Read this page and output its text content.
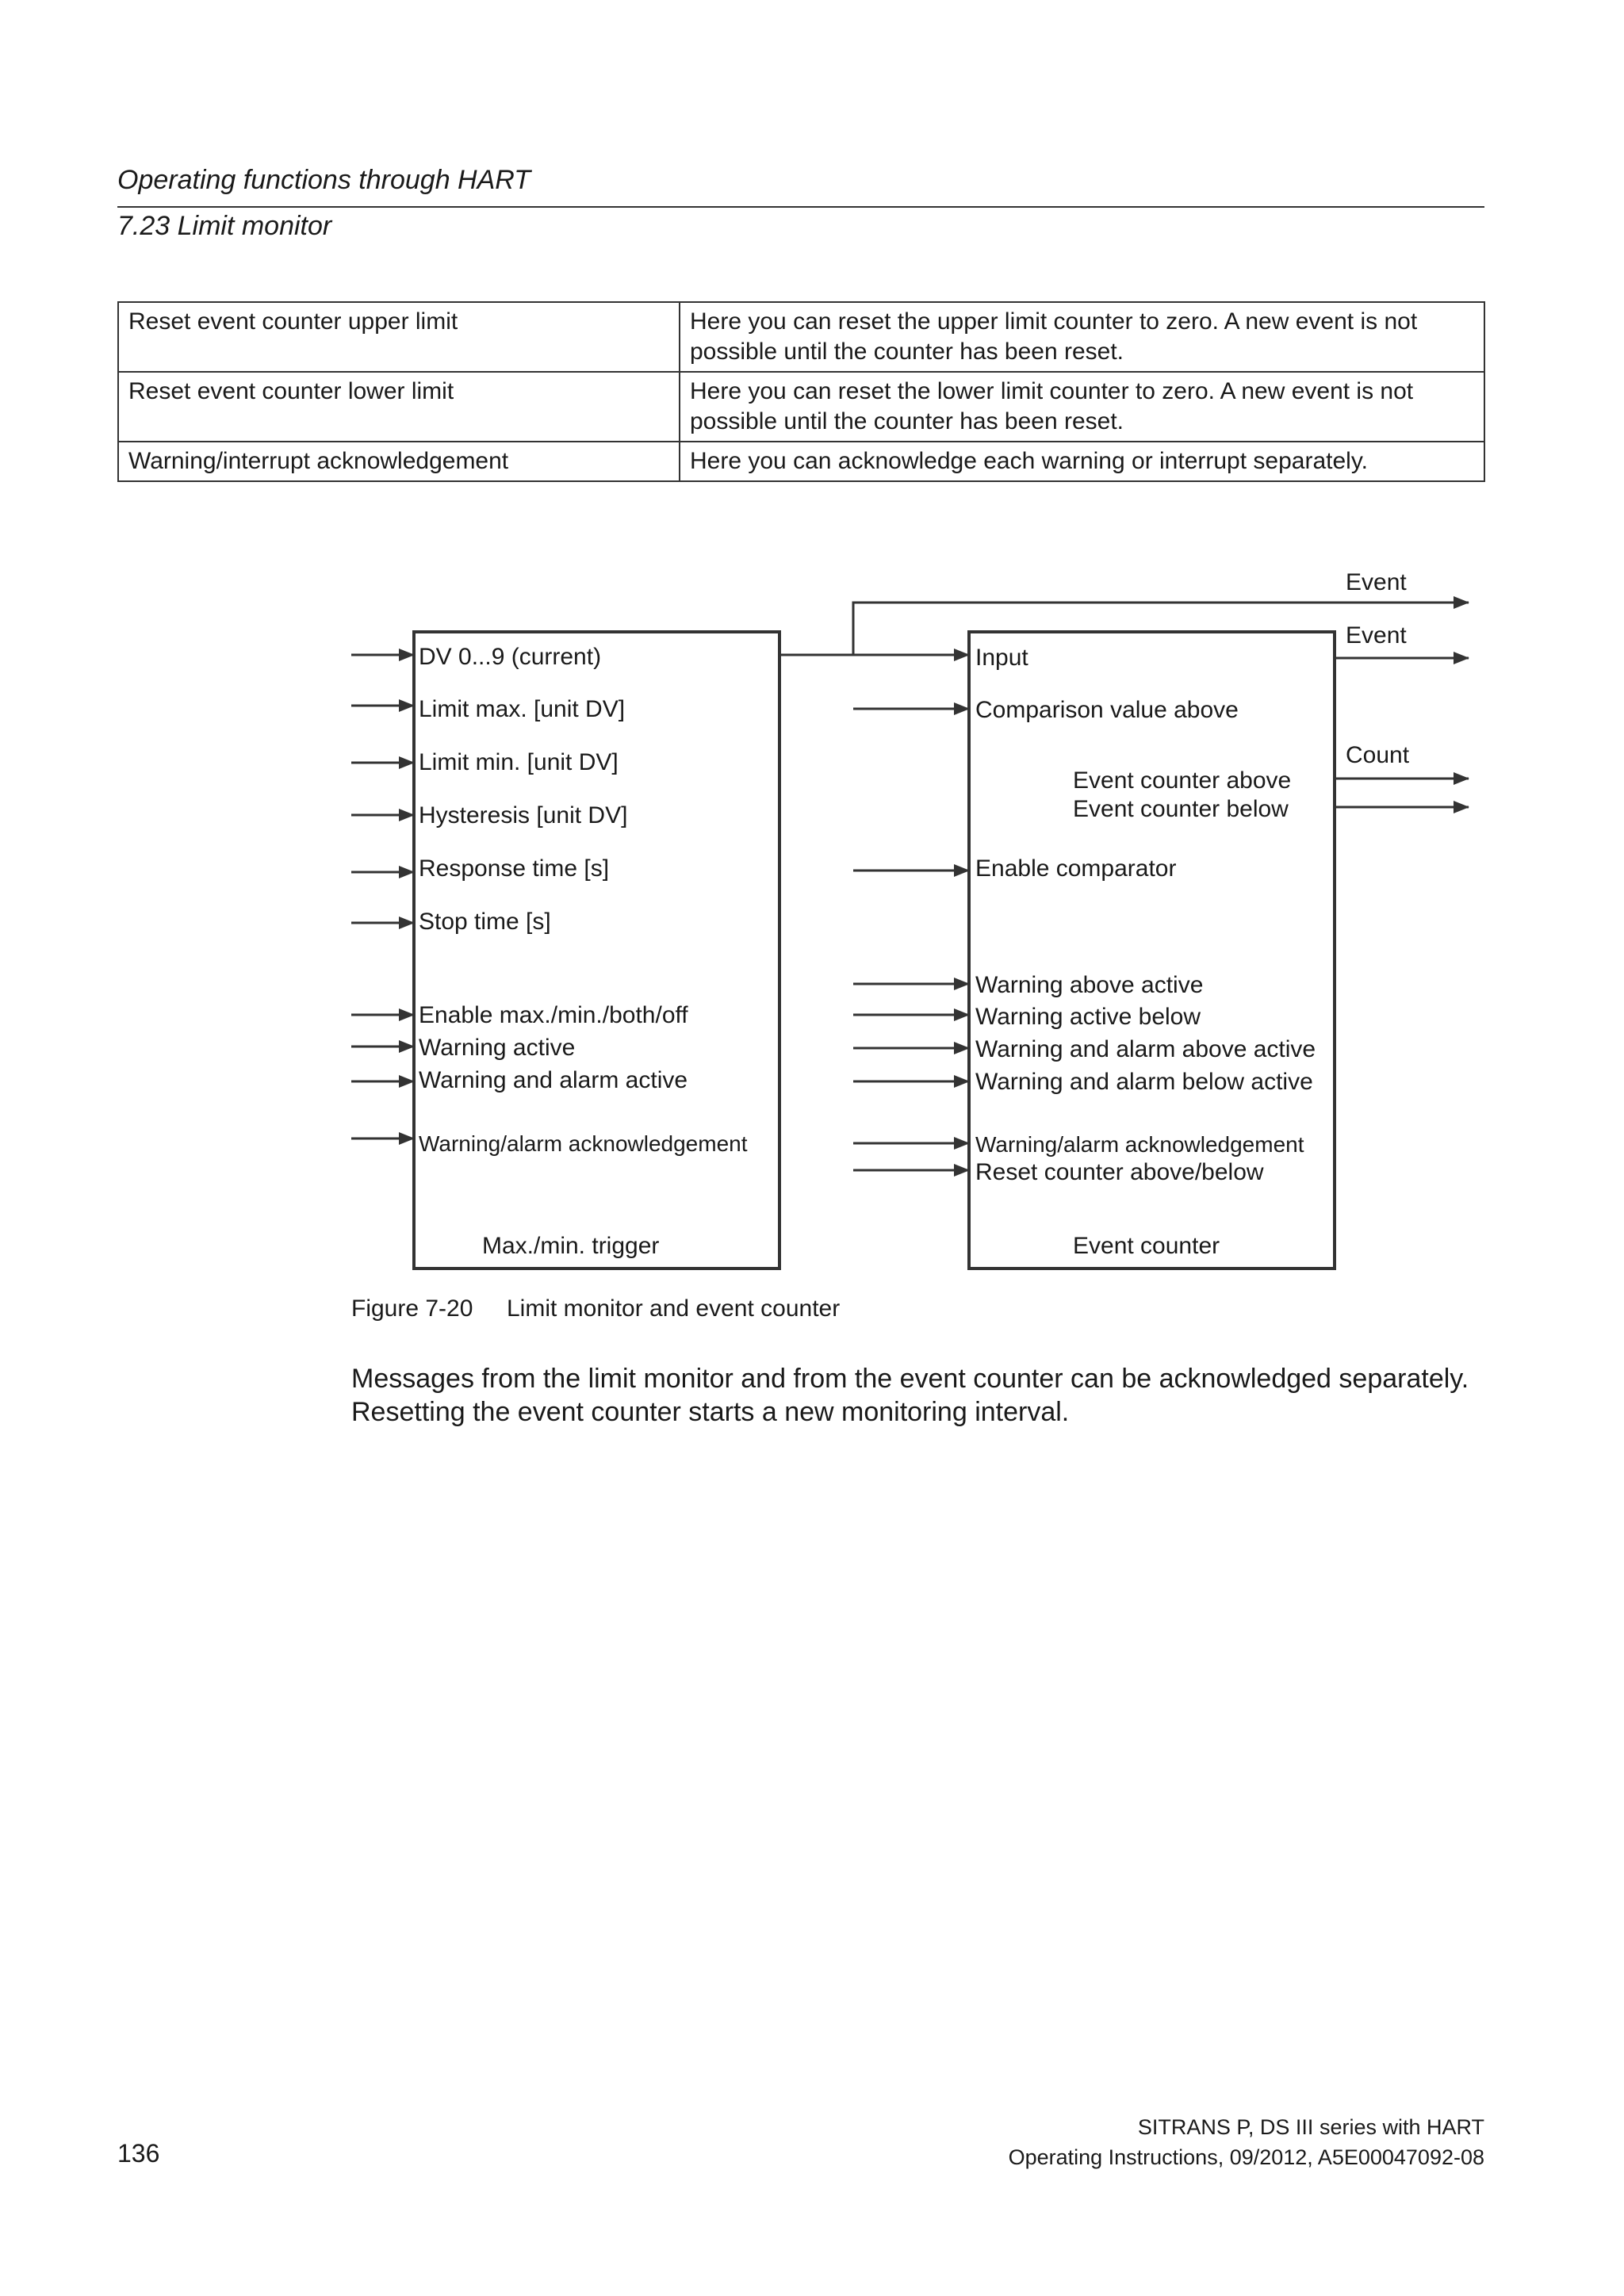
Operating functions through HART
7.23 Limit monitor
Reset event counter upper limit	Here you can reset the upper limit counter to zero. A new event is not possible until the counter has been reset.
Reset event counter lower limit	Here you can reset the lower limit counter to zero. A new event is not possible until the counter has been reset.
Warning/interrupt acknowledgement	Here you can acknowledge each warning or interrupt separately.
DV 0...9 (current)
Limit max. [unit DV]
Limit min. [unit DV]
Hysteresis [unit DV]
Response time [s]
Stop time [s]
Enable max./min./both/off
Warning active
Warning and alarm active
Warning/alarm acknowledgement
Max./min. trigger
Input
Comparison value above
Event counter above
Event counter below
Enable comparator
Warning above active
Warning active below
Warning and alarm above active
Warning and alarm below active
Warning/alarm acknowledgement
Reset counter above/below
Event counter
Event
Event
Count
Figure 7-20 Limit monitor and event counter
Messages from the limit monitor and from the event counter can be acknowledged separately. Resetting the event counter starts a new monitoring interval.
136
SITRANS P, DS III series with HART
Operating Instructions, 09/2012, A5E00047092-08
